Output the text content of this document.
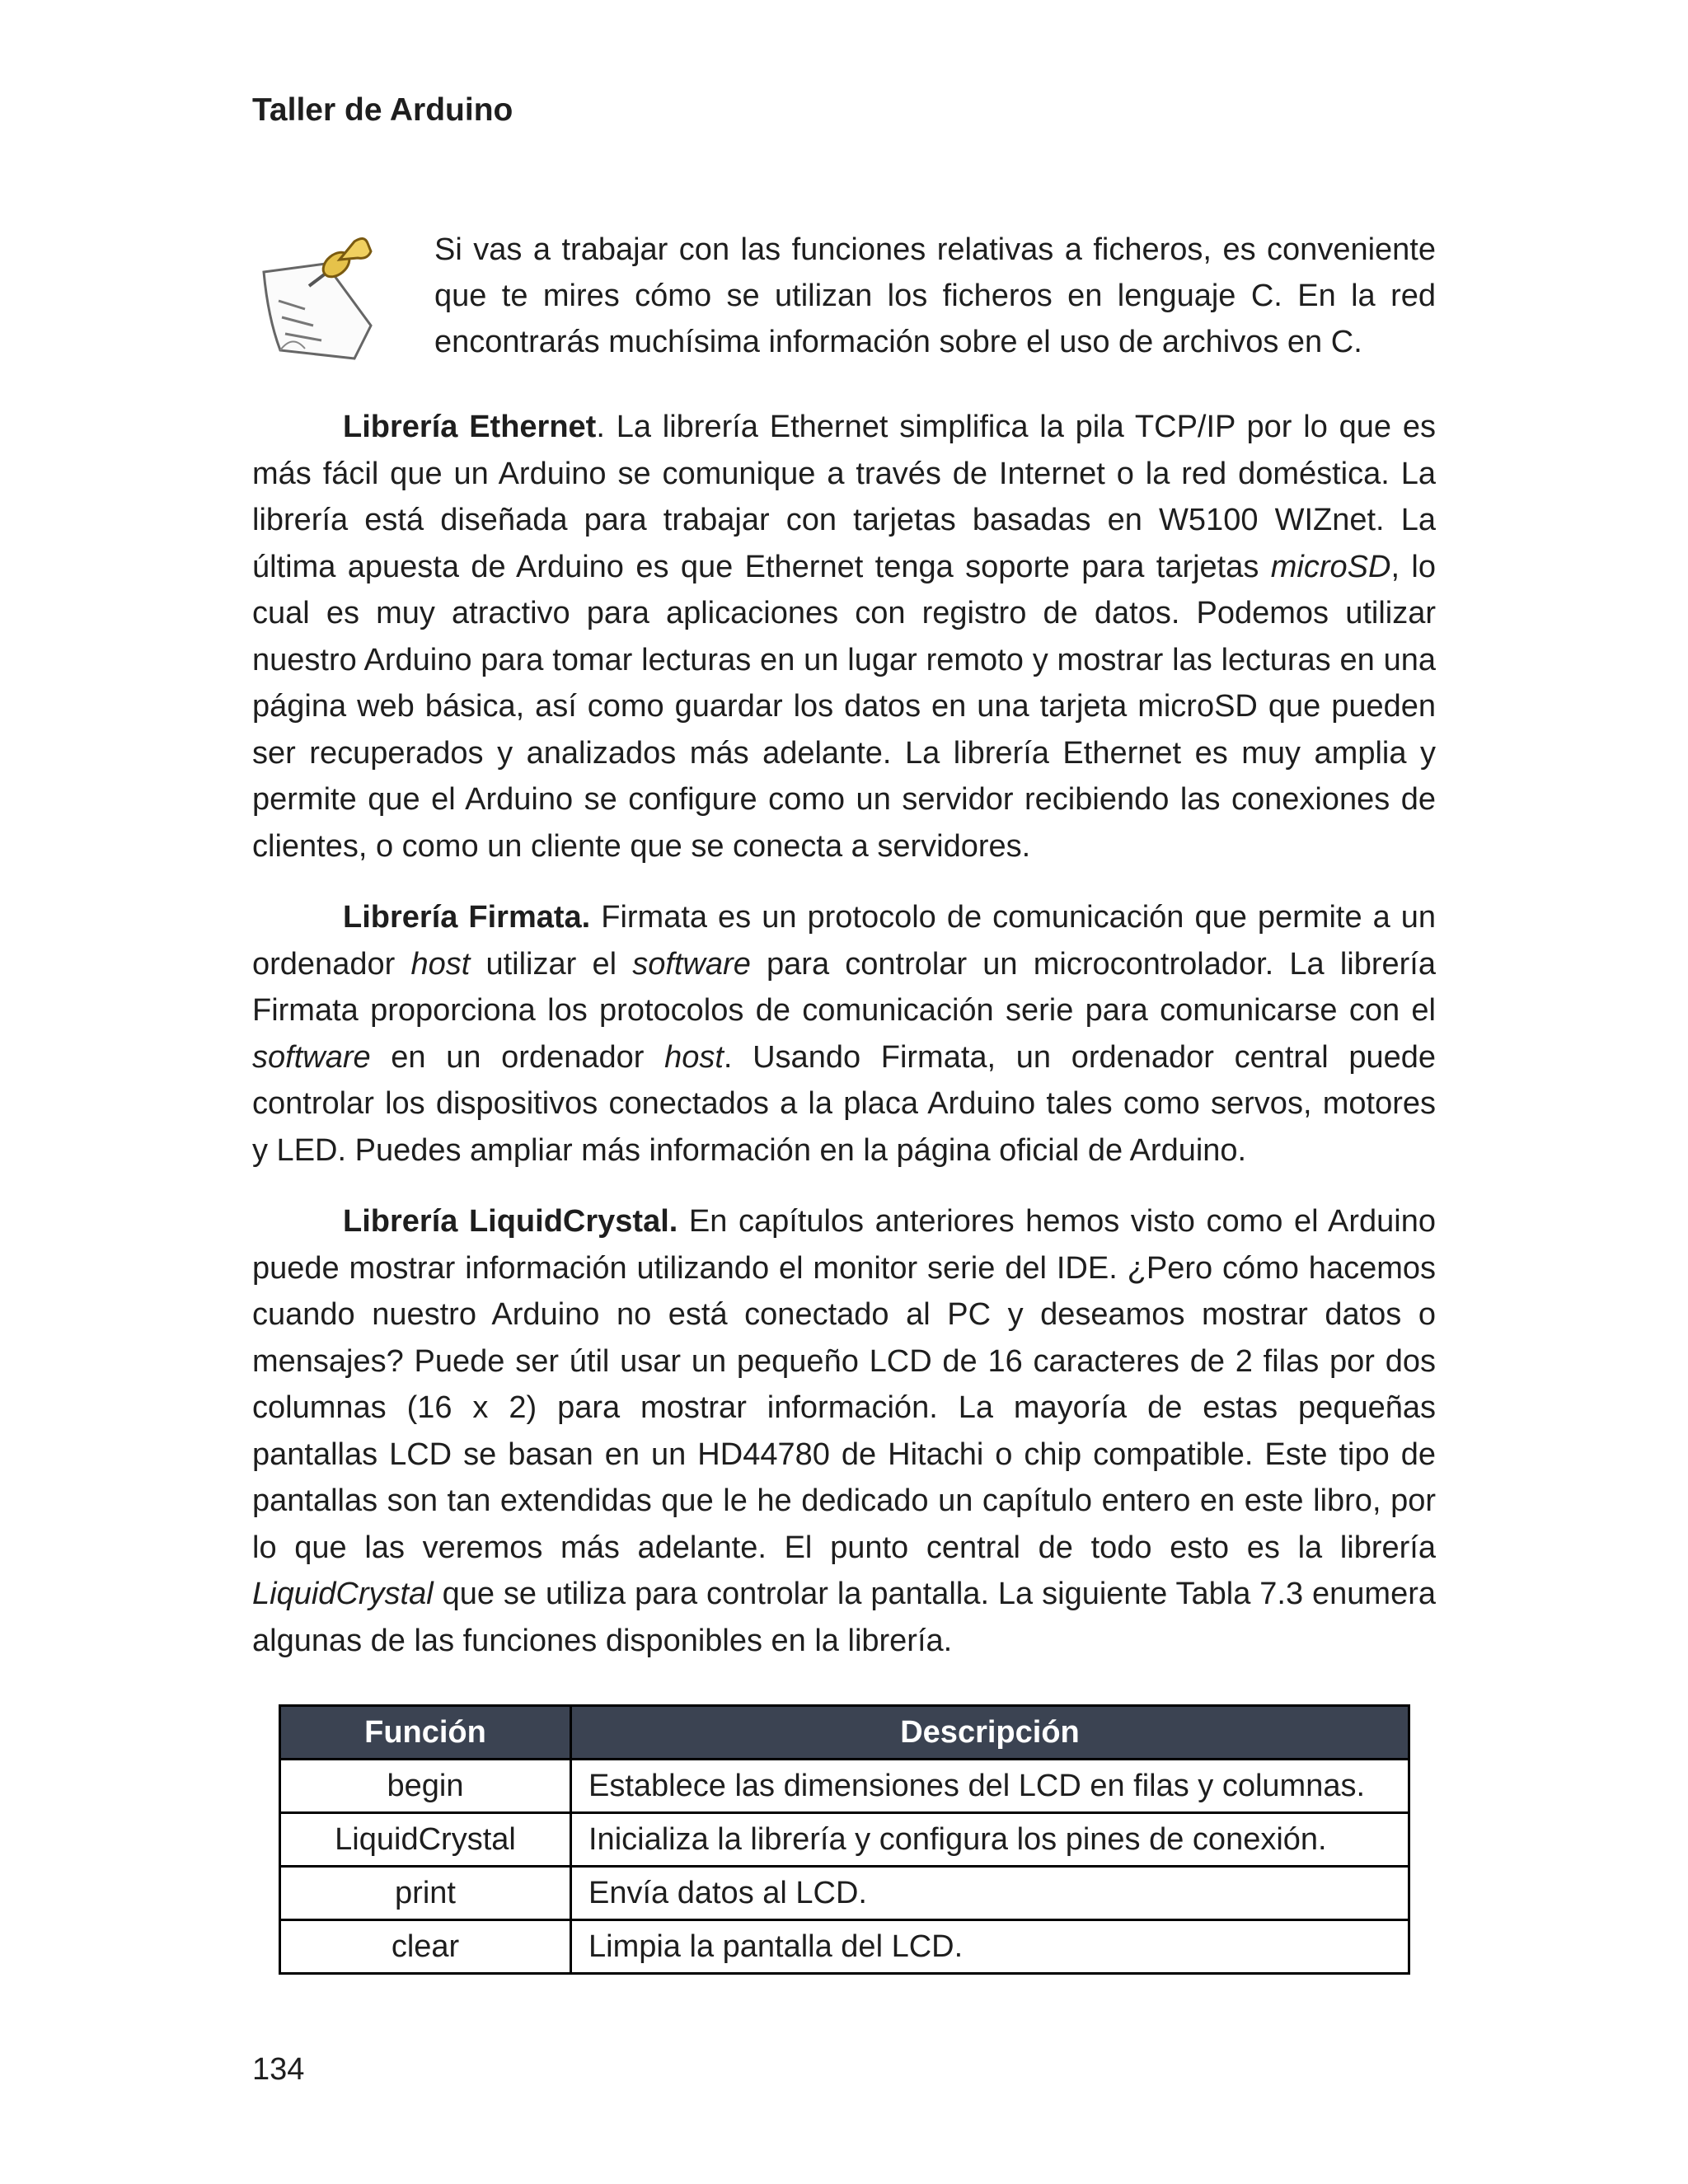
Taller de Arduino

Si vas a trabajar con las funciones relativas a ficheros, es conveniente que te mires cómo se utilizan los ficheros en lenguaje C. En la red encontrarás muchísima información sobre el uso de archivos en C.

Librería Ethernet. La librería Ethernet simplifica la pila TCP/IP por lo que es más fácil que un Arduino se comunique a través de Internet o la red doméstica. La librería está diseñada para trabajar con tarjetas basadas en W5100 WIZnet. La última apuesta de Arduino es que Ethernet tenga soporte para tarjetas microSD, lo cual es muy atractivo para aplicaciones con registro de datos. Podemos utilizar nuestro Arduino para tomar lecturas en un lugar remoto y mostrar las lecturas en una página web básica, así como guardar los datos en una tarjeta microSD que pueden ser recuperados y analizados más adelante. La librería Ethernet es muy amplia y permite que el Arduino se configure como un servidor recibiendo las conexiones de clientes, o como un cliente que se conecta a servidores.

Librería Firmata. Firmata es un protocolo de comunicación que permite a un ordenador host utilizar el software para controlar un microcontrolador. La librería Firmata proporciona los protocolos de comunicación serie para comunicarse con el software en un ordenador host. Usando Firmata, un ordenador central puede controlar los dispositivos conectados a la placa Arduino tales como servos, motores y LED. Puedes ampliar más información en la página oficial de Arduino.

Librería LiquidCrystal. En capítulos anteriores hemos visto como el Arduino puede mostrar información utilizando el monitor serie del IDE. ¿Pero cómo hacemos cuando nuestro Arduino no está conectado al PC y deseamos mostrar datos o mensajes? Puede ser útil usar un pequeño LCD de 16 caracteres de 2 filas por dos columnas (16 x 2) para mostrar información. La mayoría de estas pequeñas pantallas LCD se basan en un HD44780 de Hitachi o chip compatible. Este tipo de pantallas son tan extendidas que le he dedicado un capítulo entero en este libro, por lo que las veremos más adelante. El punto central de todo esto es la librería LiquidCrystal que se utiliza para controlar la pantalla. La siguiente Tabla 7.3 enumera algunas de las funciones disponibles en la librería.

Función	Descripción
begin	Establece las dimensiones del LCD en filas y columnas.
LiquidCrystal	Inicializa la librería y configura los pines de conexión.
print	Envía datos al LCD.
clear	Limpia la pantalla del LCD.

134
